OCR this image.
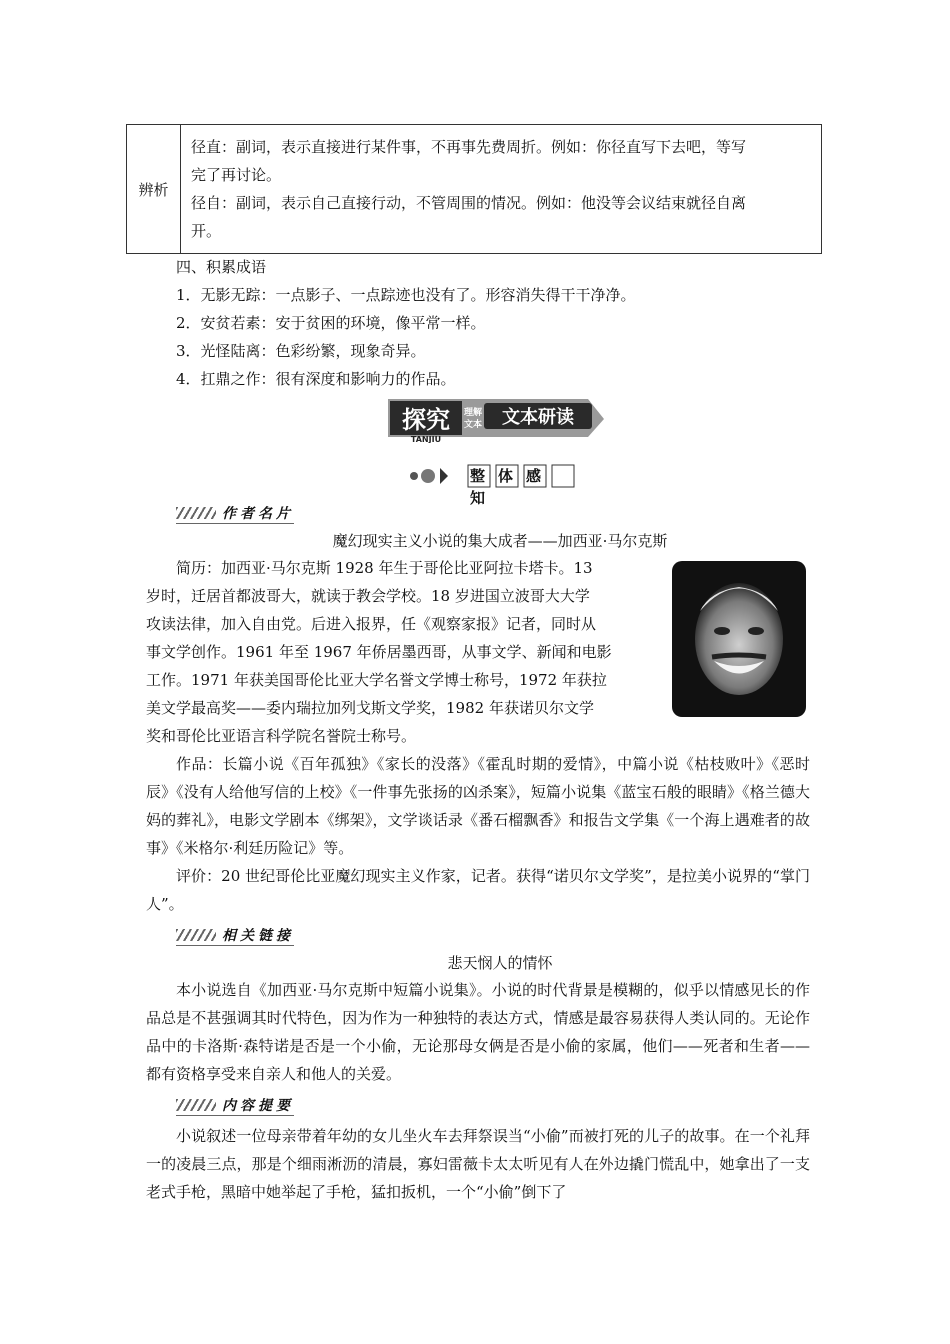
辨析

径直：副词，表示直接进行某件事，不再事先费周折。例如：你径直写下去吧，等写

完了再讨论。

径自：副词，表示自己直接行动，不管周围的情况。例如：他没等会议结束就径自离

开。

四、积累成语
1．无影无踪：一点影子、一点踪迹也没有了。形容消失得干干净净。
2．安贫若素：安于贫困的环境，像平常一样。
3．光怪陆离：色彩纷繁，现象奇异。
4．扛鼎之作：很有深度和影响力的作品。
探究 理解
文本 文本研读
TANJIU
整体感知
作者名片
魔幻现实主义小说的集大成者——加西亚·马尔克斯
简历：加西亚·马尔克斯 1928 年生于哥伦比亚阿拉卡塔卡。13
岁时，迁居首都波哥大，就读于教会学校。18 岁进国立波哥大大学
攻读法律，加入自由党。后进入报界，任《观察家报》记者，同时从
事文学创作。1961 年至 1967 年侨居墨西哥，从事文学、新闻和电影
工作。1971 年获美国哥伦比亚大学名誉文学博士称号，1972 年获拉
美文学最高奖——委内瑞拉加列戈斯文学奖，1982 年获诺贝尔文学
奖和哥伦比亚语言科学院名誉院士称号。

作品：长篇小说《百年孤独》《家长的没落》《霍乱时期的爱情》，中篇小说《枯枝败叶》《恶时辰》《没有人给他写信的上校》《一件事先张扬的凶杀案》，短篇小说集《蓝宝石般的眼睛》《格兰德大妈的葬礼》，电影文学剧本《绑架》，文学谈话录《番石榴飘香》和报告文学集《一个海上遇难者的故事》《米格尔·利廷历险记》等。

评价：20 世纪哥伦比亚魔幻现实主义作家，记者。获得“诺贝尔文学奖”，是拉美小说界的“掌门人”。

相关链接
悲天悯人的情怀

本小说选自《加西亚·马尔克斯中短篇小说集》。小说的时代背景是模糊的，似乎以情感见长的作品总是不甚强调其时代特色，因为作为一种独特的表达方式，情感是最容易获得人类认同的。无论作品中的卡洛斯·森特诺是否是一个小偷，无论那母女俩是否是小偷的家属，他们——死者和生者——都有资格享受来自亲人和他人的关爱。

内容提要

小说叙述一位母亲带着年幼的女儿坐火车去拜祭误当“小偷”而被打死的儿子的故事。在一个礼拜一的凌晨三点，那是个细雨淅沥的清晨，寡妇雷薇卡太太听见有人在外边撬门慌乱中，她拿出了一支老式手枪，黑暗中她举起了手枪，猛扣扳机，一个“小偷”倒下了
